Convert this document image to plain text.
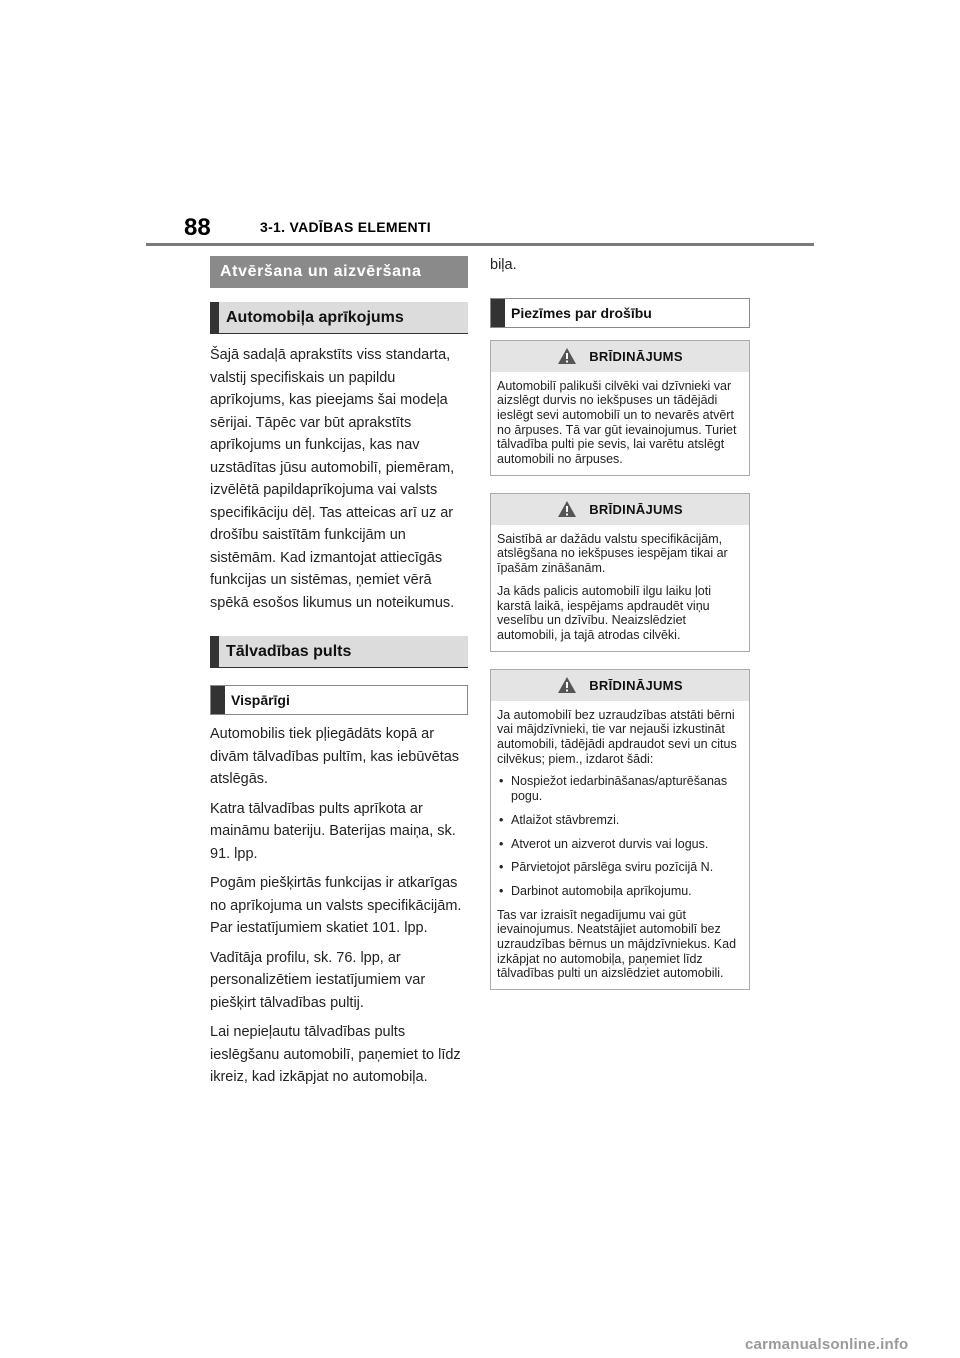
88	3-1. VADĪBAS ELEMENTI
Atvēršana un aizvēršana
Automobiļa aprīkojums

Šajā sadaļā aprakstīts viss standarta, valstij specifiskais un papildu aprīkojums, kas pieejams šai modeļa sērijai. Tāpēc var būt aprakstīts aprīkojums un funkcijas, kas nav uzstādītas jūsu automobilī, piemēram, izvēlētā papildaprīkojuma vai valsts specifikāciju dēļ. Tas atteicas arī uz ar drošību saistītām funkcijām un sistēmām. Kad izmantojat attiecīgās funkcijas un sistēmas, ņemiet vērā spēkā esošos likumus un noteikumus.

Tālvadības pults
Vispārīgi

Automobilis tiek pļiegādāts kopā ar divām tālvadības pultīm, kas iebūvētas atslēgās.

Katra tālvadības pults aprīkota ar maināmu bateriju. Baterijas maiņa, sk. 91. lpp.

Pogām piešķirtās funkcijas ir atkarīgas no aprīkojuma un valsts specifikācijām. Par iestatījumiem skatiet 101. lpp.

Vadītāja profilu, sk. 76. lpp, ar personalizētiem iestatījumiem var piešķirt tālvadības pultij.

Lai nepieļautu tālvadības pults ieslēgšanu automobilī, paņemiet to līdz ikreiz, kad izkāpjat no automobiļa.

biļa.
Piezīmes par drošību
BRĪDINĀJUMS

Automobilī palikuši cilvēki vai dzīvnieki var aizslēgt durvis no iekšpuses un tādējādi ieslēgt sevi automobilī un to nevarēs atvērt no ārpuses. Tā var gūt ievainojumus. Turiet tālvadība pulti pie sevis, lai varētu atslēgt automobili no ārpuses.

BRĪDINĀJUMS

Saistībā ar dažādu valstu specifikācijām, atslēgšana no iekšpuses iespējam tikai ar īpašām zināšanām.

Ja kāds palicis automobilī ilgu laiku ļoti karstā laikā, iespējams apdraudēt viņu veselību un dzīvību. Neaizslēdziet automobili, ja tajā atrodas cilvēki.

BRĪDINĀJUMS

Ja automobilī bez uzraudzības atstāti bērni vai mājdzīvnieki, tie var nejauši izkustināt automobili, tādējādi apdraudot sevi un citus cilvēkus; piem., izdarot šādi:

• Nospiežot iedarbināšanas/apturēšanas pogu.
• Atlaižot stāvbremzi.
• Atverot un aizverot durvis vai logus.
• Pārvietojot pārslēga sviru pozīcijā N.
• Darbinot automobiļa aprīkojumu.

Tas var izraisīt negadījumu vai gūt ievainojumus. Neatstājiet automobilī bez uzraudzības bērnus un mājdzīvniekus. Kad izkāpjat no automobiļa, paņemiet līdz tālvadības pulti un aizslēdziet automobili.

carmanualsonline.info
